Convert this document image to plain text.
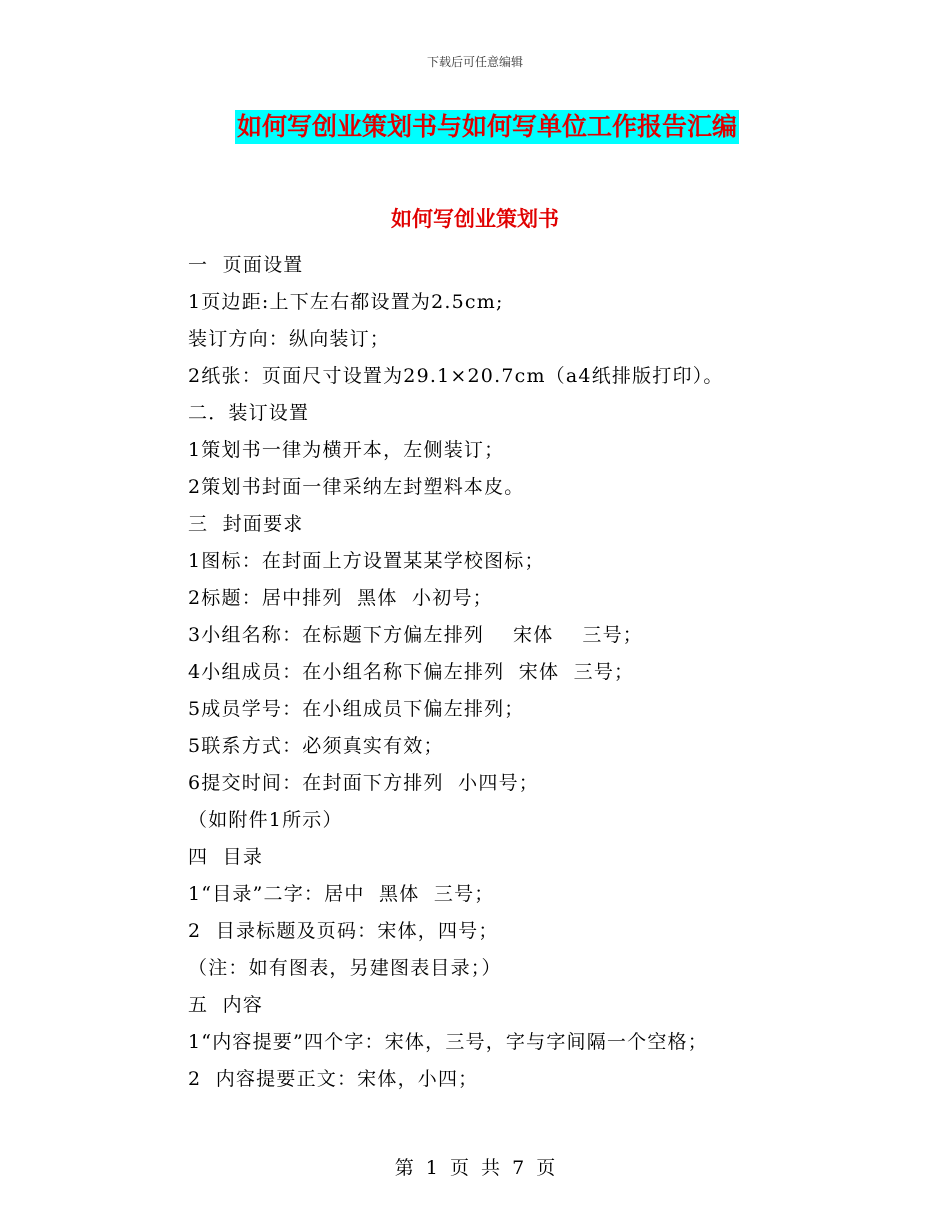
下载后可任意编辑
如何写创业策划书与如何写单位工作报告汇编
如何写创业策划书
一  页面设置
1页边距:上下左右都设置为2.5cm;
装订方向：纵向装订；
2纸张：页面尺寸设置为29.1×20.7cm（a4纸排版打印）。
二．装订设置
1策划书一律为横开本，左侧装订；
2策划书封面一律采纳左封塑料本皮。
三  封面要求
1图标：在封面上方设置某某学校图标；
2标题：居中排列  黑体  小初号；
3小组名称：在标题下方偏左排列    宋体    三号；
4小组成员：在小组名称下偏左排列  宋体  三号；
5成员学号：在小组成员下偏左排列；
5联系方式：必须真实有效；
6提交时间：在封面下方排列  小四号；
（如附件1所示）
四  目录
1“目录”二字：居中  黑体  三号；
2  目录标题及页码：宋体，四号；
（注：如有图表，另建图表目录；）
五  内容
1“内容提要”四个字：宋体，三号，字与字间隔一个空格；
2  内容提要正文：宋体，小四；
第  1  页  共  7  页
